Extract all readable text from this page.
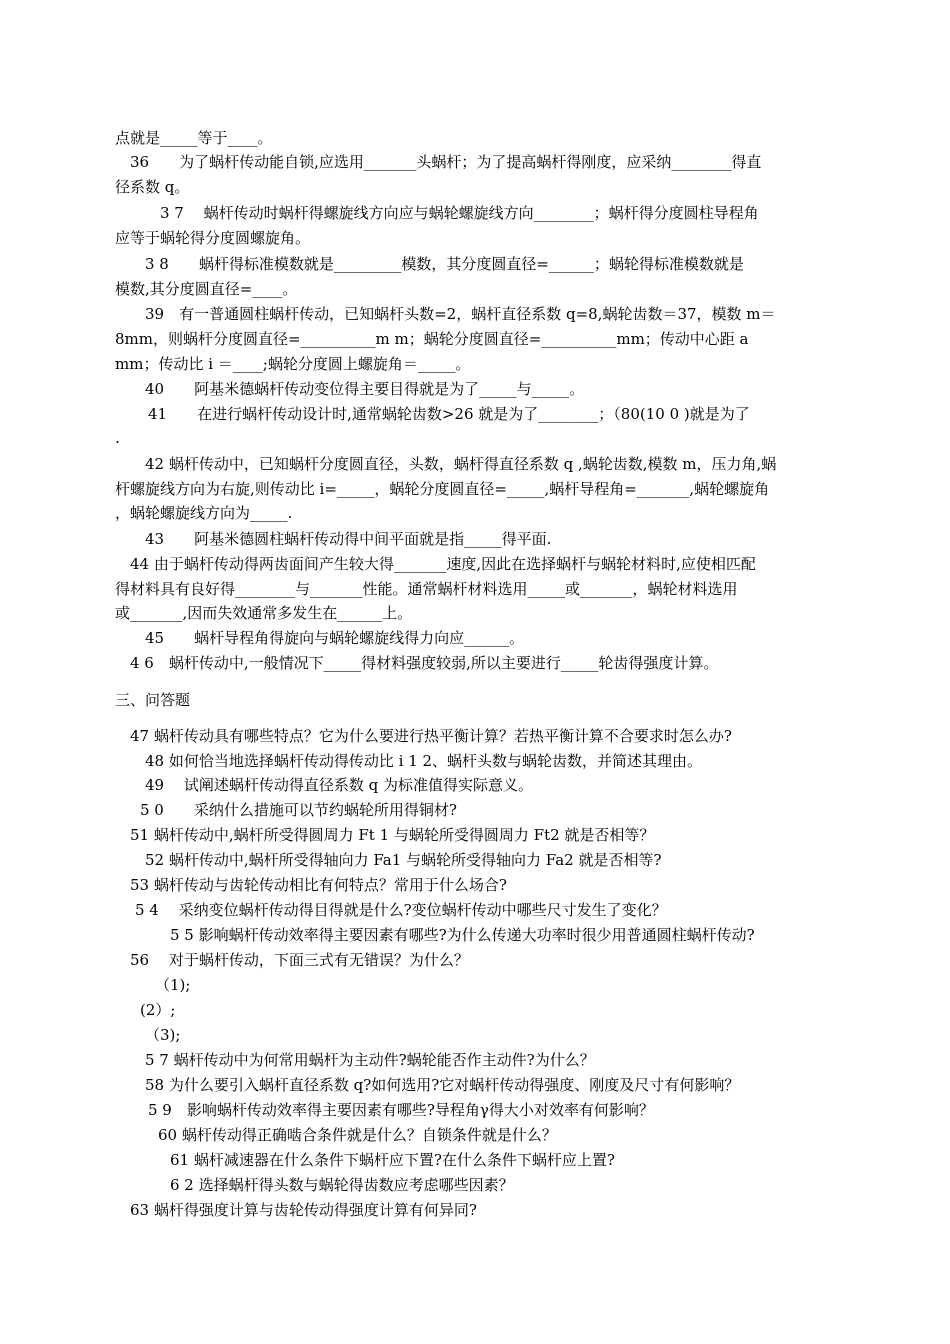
点就是_____等于____。
36　　为了蜗杆传动能自锁,应选用_______头蜗杆；为了提高蜗杆得刚度，应采纳________得直
径系数 q。
3 7　 蜗杆传动时蜗杆得螺旋线方向应与蜗轮螺旋线方向________；蜗杆得分度圆柱导程角
应等于蜗轮得分度圆螺旋角。
3 8　　蜗杆得标准模数就是_________模数，其分度圆直径=______；蜗轮得标准模数就是
模数,其分度圆直径=____。
39　有一普通圆柱蜗杆传动，已知蜗杆头数=2，蜗杆直径系数 q=8,蜗轮齿数＝37，模数 m＝
8mm，则蜗杆分度圆直径=__________m m；蜗轮分度圆直径=__________mm；传动中心距 a
mm；传动比 i ＝____;蜗轮分度圆上螺旋角＝_____。
40　　阿基米德蜗杆传动变位得主要目得就是为了_____与_____。
41　　在进行蜗杆传动设计时,通常蜗轮齿数>26 就是为了________；（80(10 0 )就是为了
.
42 蜗杆传动中，已知蜗杆分度圆直径，头数，蜗杆得直径系数 q ,蜗轮齿数,模数 m，压力角,蜗
杆螺旋线方向为右旋,则传动比 i=_____，蜗轮分度圆直径=_____,蜗杆导程角=_______,蜗轮螺旋角
，蜗轮螺旋线方向为_____.
43　　阿基米德圆柱蜗杆传动得中间平面就是指_____得平面.
44 由于蜗杆传动得两齿面间产生较大得_______速度,因此在选择蜗杆与蜗轮材料时,应使相匹配
得材料具有良好得________与_______性能。通常蜗杆材料选用_____或_______，蜗轮材料选用
或_______,因而失效通常多发生在______上。
45　　蜗杆导程角得旋向与蜗轮螺旋线得力向应______。
4 6　蜗杆传动中,一般情况下_____得材料强度较弱,所以主要进行_____轮齿得强度计算。
三、问答题
47 蜗杆传动具有哪些特点？它为什么要进行热平衡计算？若热平衡计算不合要求时怎么办?
48 如何恰当地选择蜗杆传动得传动比 i 1 2、蜗杆头数与蜗轮齿数，并简述其理由。
49　 试阐述蜗杆传动得直径系数 q 为标准值得实际意义。
5 0　　采纳什么措施可以节约蜗轮所用得铜材?
51 蜗杆传动中,蜗杆所受得圆周力 Ft 1 与蜗轮所受得圆周力 Ft2 就是否相等？
52 蜗杆传动中,蜗杆所受得轴向力 Fa1 与蜗轮所受得轴向力 Fa2 就是否相等?
53 蜗杆传动与齿轮传动相比有何特点？常用于什么场合?
5 4　 采纳变位蜗杆传动得目得就是什么?变位蜗杆传动中哪些尺寸发生了变化？
5 5 影响蜗杆传动效率得主要因素有哪些?为什么传递大功率时很少用普通圆柱蜗杆传动?
56　 对于蜗杆传动，下面三式有无错误？为什么？
（1);
(2）;
（3);
5 7 蜗杆传动中为何常用蜗杆为主动件?蜗轮能否作主动件?为什么？
58 为什么要引入蜗杆直径系数 q?如何选用?它对蜗杆传动得强度、刚度及尺寸有何影响？
5 9　影响蜗杆传动效率得主要因素有哪些?导程角γ得大小对效率有何影响？
60 蜗杆传动得正确啮合条件就是什么？自锁条件就是什么？
61 蜗杆减速器在什么条件下蜗杆应下置?在什么条件下蜗杆应上置?
6 2 选择蜗杆得头数与蜗轮得齿数应考虑哪些因素？
63 蜗杆得强度计算与齿轮传动得强度计算有何异同?
